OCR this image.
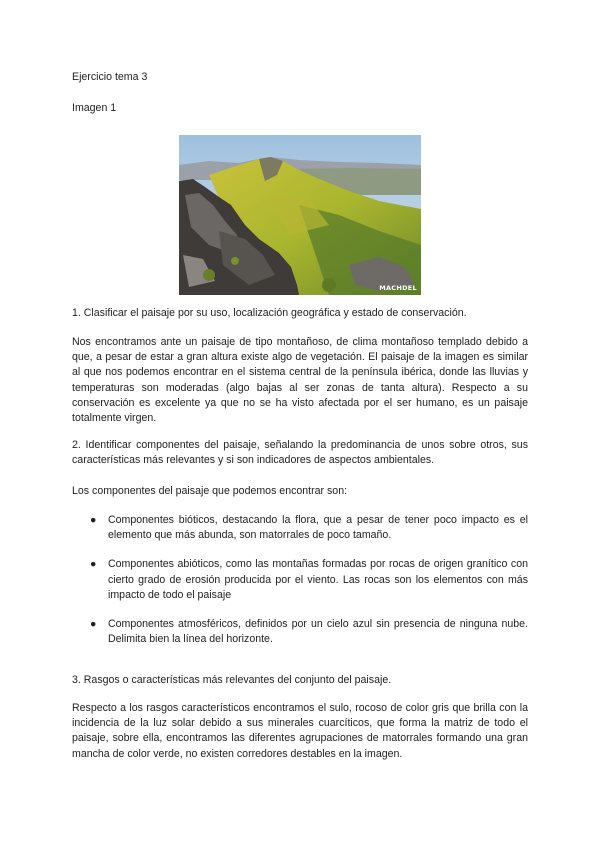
Ejercicio tema 3

Imagen 1

MACHDEL

1. Clasificar el paisaje por su uso, localización geográfica y estado de conservación.

Nos encontramos ante un paisaje de tipo montañoso, de clima montañoso templado debido a que, a pesar de estar a gran altura existe algo de vegetación. El paisaje de la imagen es similar al que nos podemos encontrar en el sistema central de la península ibérica, donde las lluvias y temperaturas son moderadas (algo bajas al ser zonas de tanta altura). Respecto a su conservación es excelente ya que no se ha visto afectada por el ser humano, es un paisaje totalmente virgen.

2. Identificar componentes del paisaje, señalando la predominancia de unos sobre otros, sus características más relevantes y si son indicadores de aspectos ambientales.

Los componentes del paisaje que podemos encontrar son:

● Componentes bióticos, destacando la flora, que a pesar de tener poco impacto es el elemento que más abunda, son matorrales de poco tamaño.
● Componentes abióticos, como las montañas formadas por rocas de origen granítico con cierto grado de erosión producida por el viento. Las rocas son los elementos con más impacto de todo el paisaje
● Componentes atmosféricos, definidos por un cielo azul sin presencia de ninguna nube. Delimita bien la línea del horizonte.

3. Rasgos o características más relevantes del conjunto del paisaje.

Respecto a los rasgos característicos encontramos el sulo, rocoso de color gris que brilla con la incidencia de la luz solar debido a sus minerales cuarcíticos, que forma la matriz de todo el paisaje, sobre ella, encontramos las diferentes agrupaciones de matorrales formando una gran mancha de color verde, no existen corredores destables en la imagen.
